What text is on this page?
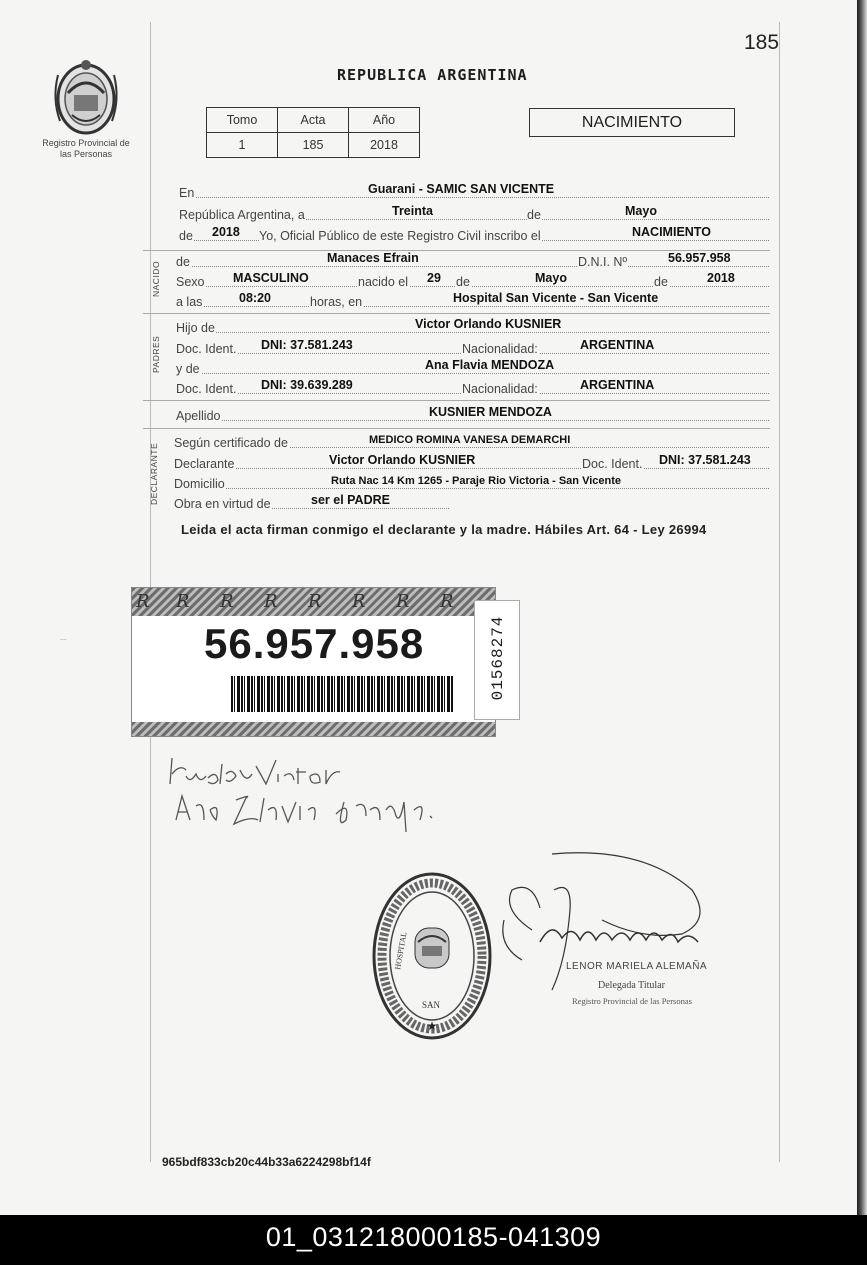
185
REPUBLICA ARGENTINA
Registro Provincial de las Personas
Tomo	Acta	Año
1	185	2018
NACIMIENTO
En	Guarani - SAMIC SAN VICENTE
República Argentina, a	Treinta	de	Mayo
de 2018 Yo, Oficial Público de este Registro Civil inscribo el	NACIMIENTO
NACIDO de	Manaces Efrain	D.N.I. Nº	56.957.958
Sexo MASCULINO	nacido el 29 de	Mayo	de	2018
a las	08:20	horas, en	Hospital San Vicente - San Vicente
PADRES
Hijo de	Victor Orlando KUSNIER
Doc. Ident. DNI: 37.581.243	Nacionalidad:	ARGENTINA
y de	Ana Flavia MENDOZA
Doc. Ident. DNI: 39.639.289	Nacionalidad:	ARGENTINA
Apellido	KUSNIER MENDOZA
DECLARANTE Según certificado de	MEDICO ROMINA VANESA DEMARCHI
Declarante	Victor Orlando KUSNIER	Doc. Ident. DNI: 37.581.243
Domicilio	Ruta Nac 14 Km 1265 - Paraje Rio Victoria - San Vicente
Obra en virtud de	ser el PADRE
Leida el acta firman conmigo el declarante y la madre. Hábiles Art. 64 - Ley 26994
R R R R R R R R
56.957.958	01568274
Kusnier Victor
HOSPITAL
SAN
★
LENOR MARIELA ALEMAÑA
Delegada Titular
Registro Provincial de las Personas
965bdf833cb20c44b33a6224298bf14f
01_031218000185-041309
